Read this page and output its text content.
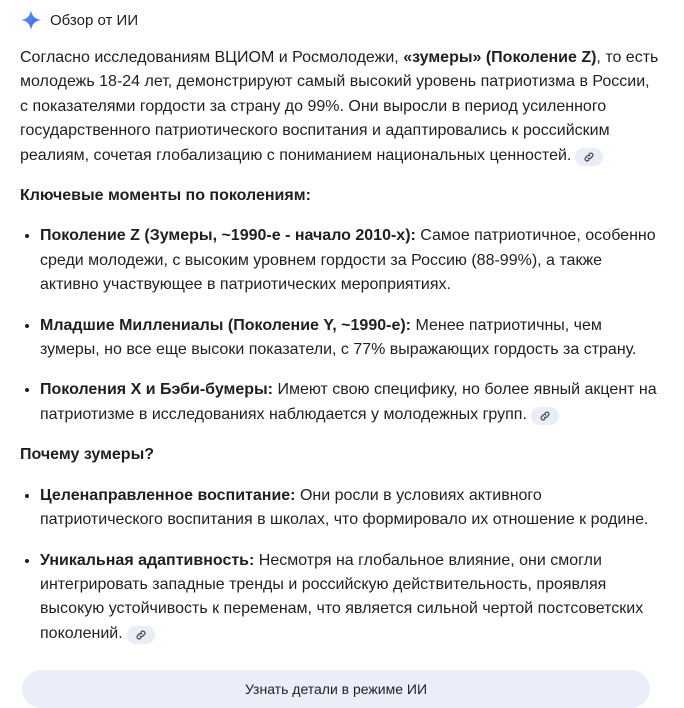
Обзор от ИИ

Согласно исследованиям ВЦИОМ и Росмолодежи, «зумеры» (Поколение Z), то есть молодежь 18-24 лет, демонстрируют самый высокий уровень патриотизма в России, с показателями гордости за страну до 99%. Они выросли в период усиленного государственного патриотического воспитания и адаптировались к российским реалиям, сочетая глобализацию с пониманием национальных ценностей.

Ключевые моменты по поколениям:

• Поколение Z (Зумеры, ~1990-е - начало 2010-х): Самое патриотичное, особенно среди молодежи, с высоким уровнем гордости за Россию (88-99%), а также активно участвующее в патриотических мероприятиях.
• Младшие Миллениалы (Поколение Y, ~1990-е): Менее патриотичны, чем зумеры, но все еще высоки показатели, с 77% выражающих гордость за страну.
• Поколения X и Бэби-бумеры: Имеют свою специфику, но более явный акцент на патриотизме в исследованиях наблюдается у молодежных групп.

Почему зумеры?

• Целенаправленное воспитание: Они росли в условиях активного патриотического воспитания в школах, что формировало их отношение к родине.
• Уникальная адаптивность: Несмотря на глобальное влияние, они смогли интегрировать западные тренды и российскую действительность, проявляя высокую устойчивость к переменам, что является сильной чертой постсоветских поколений.
Узнать детали в режиме ИИ
